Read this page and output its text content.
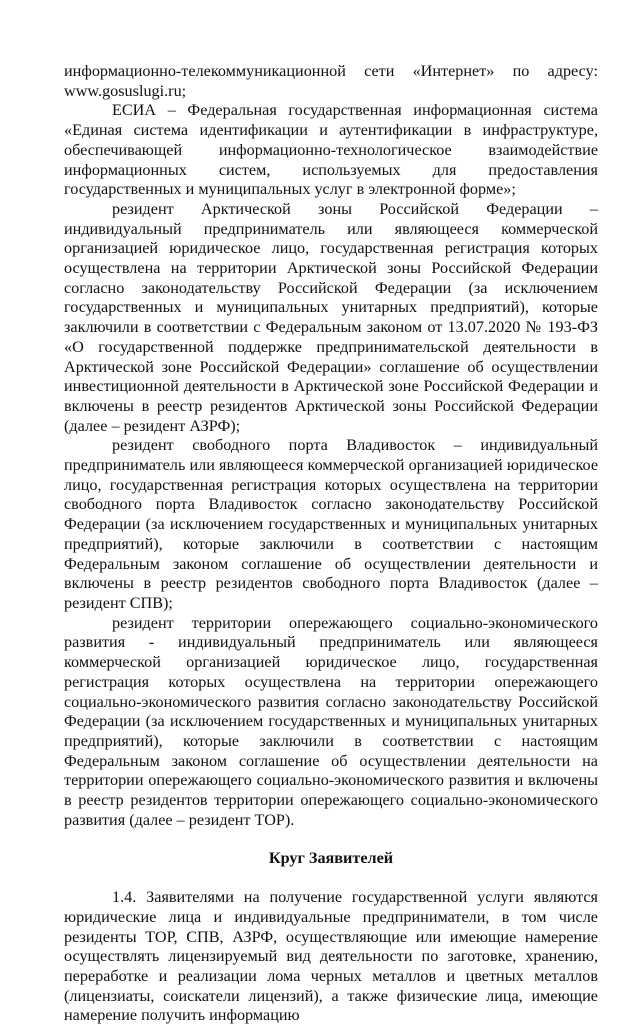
информационно-телекоммуникационной сети «Интернет» по адресу: www.gosuslugi.ru;

ЕСИА – Федеральная государственная информационная система «Единая система идентификации и аутентификации в инфраструктуре, обеспечивающей информационно-технологическое взаимодействие информационных систем, используемых для предоставления государственных и муниципальных услуг в электронной форме»;

резидент Арктической зоны Российской Федерации – индивидуальный предприниматель или являющееся коммерческой организацией юридическое лицо, государственная регистрация которых осуществлена на территории Арктической зоны Российской Федерации согласно законодательству Российской Федерации (за исключением государственных и муниципальных унитарных предприятий), которые заключили в соответствии с Федеральным законом от 13.07.2020 № 193-ФЗ «О государственной поддержке предпринимательской деятельности в Арктической зоне Российской Федерации» соглашение об осуществлении инвестиционной деятельности в Арктической зоне Российской Федерации и включены в реестр резидентов Арктической зоны Российской Федерации (далее – резидент АЗРФ);

резидент свободного порта Владивосток – индивидуальный предприниматель или являющееся коммерческой организацией юридическое лицо, государственная регистрация которых осуществлена на территории свободного порта Владивосток согласно законодательству Российской Федерации (за исключением государственных и муниципальных унитарных предприятий), которые заключили в соответствии с настоящим Федеральным законом соглашение об осуществлении деятельности и включены в реестр резидентов свободного порта Владивосток (далее – резидент СПВ);

резидент территории опережающего социально-экономического развития - индивидуальный предприниматель или являющееся коммерческой организацией юридическое лицо, государственная регистрация которых осуществлена на территории опережающего социально-экономического развития согласно законодательству Российской Федерации (за исключением государственных и муниципальных унитарных предприятий), которые заключили в соответствии с настоящим Федеральным законом соглашение об осуществлении деятельности на территории опережающего социально-экономического развития и включены в реестр резидентов территории опережающего социально-экономического развития (далее – резидент ТОР).

Круг Заявителей

1.4. Заявителями на получение государственной услуги являются юридические лица и индивидуальные предприниматели, в том числе резиденты ТОР, СПВ, АЗРФ, осуществляющие или имеющие намерение осуществлять лицензируемый вид деятельности по заготовке, хранению, переработке и реализации лома черных металлов и цветных металлов (лицензиаты, соискатели лицензий), а также физические лица, имеющие намерение получить информацию
